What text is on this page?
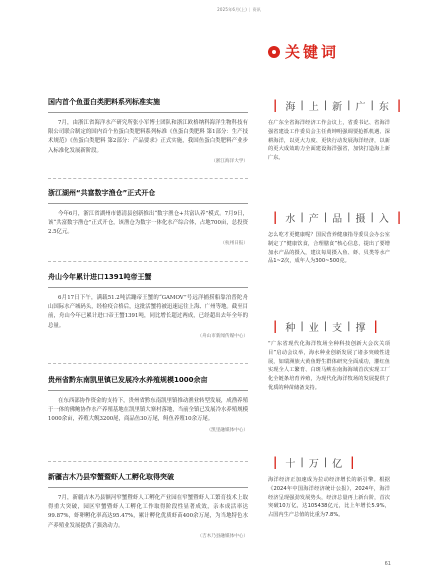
2025年6月(上) | 资讯
国内首个鱼蛋白类肥料系列标准实施

7月，由浙江省海洋水产研究所张小军博士团队和浙江欧格纳科海洋生物科技有限公司联合制定的国内首个鱼蛋白类肥料系列标准《鱼蛋白类肥料 第1部分：生产技术规范》《鱼蛋白类肥料 第2部分：产品要求》正式实施，我国鱼蛋白类肥料产业步入标准化发展新阶段。

（浙江海洋大学）
浙江湖州“共富数字渔仓”正式开仓

今年6月，浙江省湖州市德清县创新推出“数字渔仓+共富认养”模式。7月9日，该“共富数字渔仓”正式开仓，该渔仓为数字一体化水产综合体，占地700亩，总投资2.5亿元。

（杭州日报）
舟山今年累计进口1391吨帝王蟹

6月17日下午，满载51.2吨活蹦帝王蟹的“GAMOV”号远洋捕捞船靠泊普陀舟山国际水产城码头，经检疫合格后，这批活蟹将被迅速运往上海、广州等地。截至目前，舟山今年已累计进口帝王蟹1391吨，同比增长超过两成，已经超出去年全年的总量。

（舟山市新闻传媒中心）
贵州省黔东南凯里镇已发展冷水养殖规模1000余亩

在东西部协作资金的支持下，贵州省黔东南凯里镇推动渔业转型发展，成渔养殖于一体的佛鲍协作水产养殖基地在凯里镇大寨村落地，当前全镇已发展冷水养殖规模1000余亩，养殖大鲵3200尾，商品鱼30万尾，鲟鱼养殖10余万尾。

（凯里融媒体中心）
新疆吉木乃县窄蟹暨虾人工孵化取得突破

7月，新疆吉木乃县额河窄蟹暨虾人工孵化产业园在窄蟹暨虾人工繁育技术上取得重大突破，园区窄蟹暨虾人工孵化工作取得阶段性显著成效，亲本成活率达99.87%，虾卵孵化率高达95.47%，累计孵化优质虾苗400余万尾，为当地特色水产养殖业发展提供了强劲动力。

（吉木乃县融媒体中心）
关键词
| 海 | 上 | 新 | 广 | 东 |

在广东全省海洋经济工作会议上，省委书记、省海洋强省建设工作委员会主任黄坤明强调要抢抓机遇、深耕海洋，以更大力度、更快行动发展海洋经济，以新的更大成效助力全面建设海洋强省，加快打造海上新广东。

| 水 | 产 | 品 | 摄 | 入 |

怎么吃才更健康呢？国民营养健康指导委员会办公室制定了“健康饮食，合理膳食”核心信息，提出了要增加水产品的摄入，建议每周摄入鱼、虾、贝类等水产品1~2次，成年人为300~500克。

| 种 | 业 | 支 | 撑 |

“广东省现代化海洋牧场全种科技创新大会次关项目”启动会议举，海水种业创新发展了诸多突破性进展，如瑞洲族大黄鱼野生群体研究全面成功，灌红鱼实现全人工繁育、白斑马鲅在南海海域首次实现工厂化全链条培育养殖，为现代化海洋牧场的发展提供了优质的种苗储备支持。

| 十 | 万 | 亿 |

海洋经济正加速成为拉动经济增长的新引擎。根据《2024年中国海洋经济统计公报》，2024年，海洋经济呈现强劲发展势头，经济总量再上新台阶，首次突破10万亿，达105438亿元，比上年增长5.9%，占国内生产总值的比重为7.8%。

61
